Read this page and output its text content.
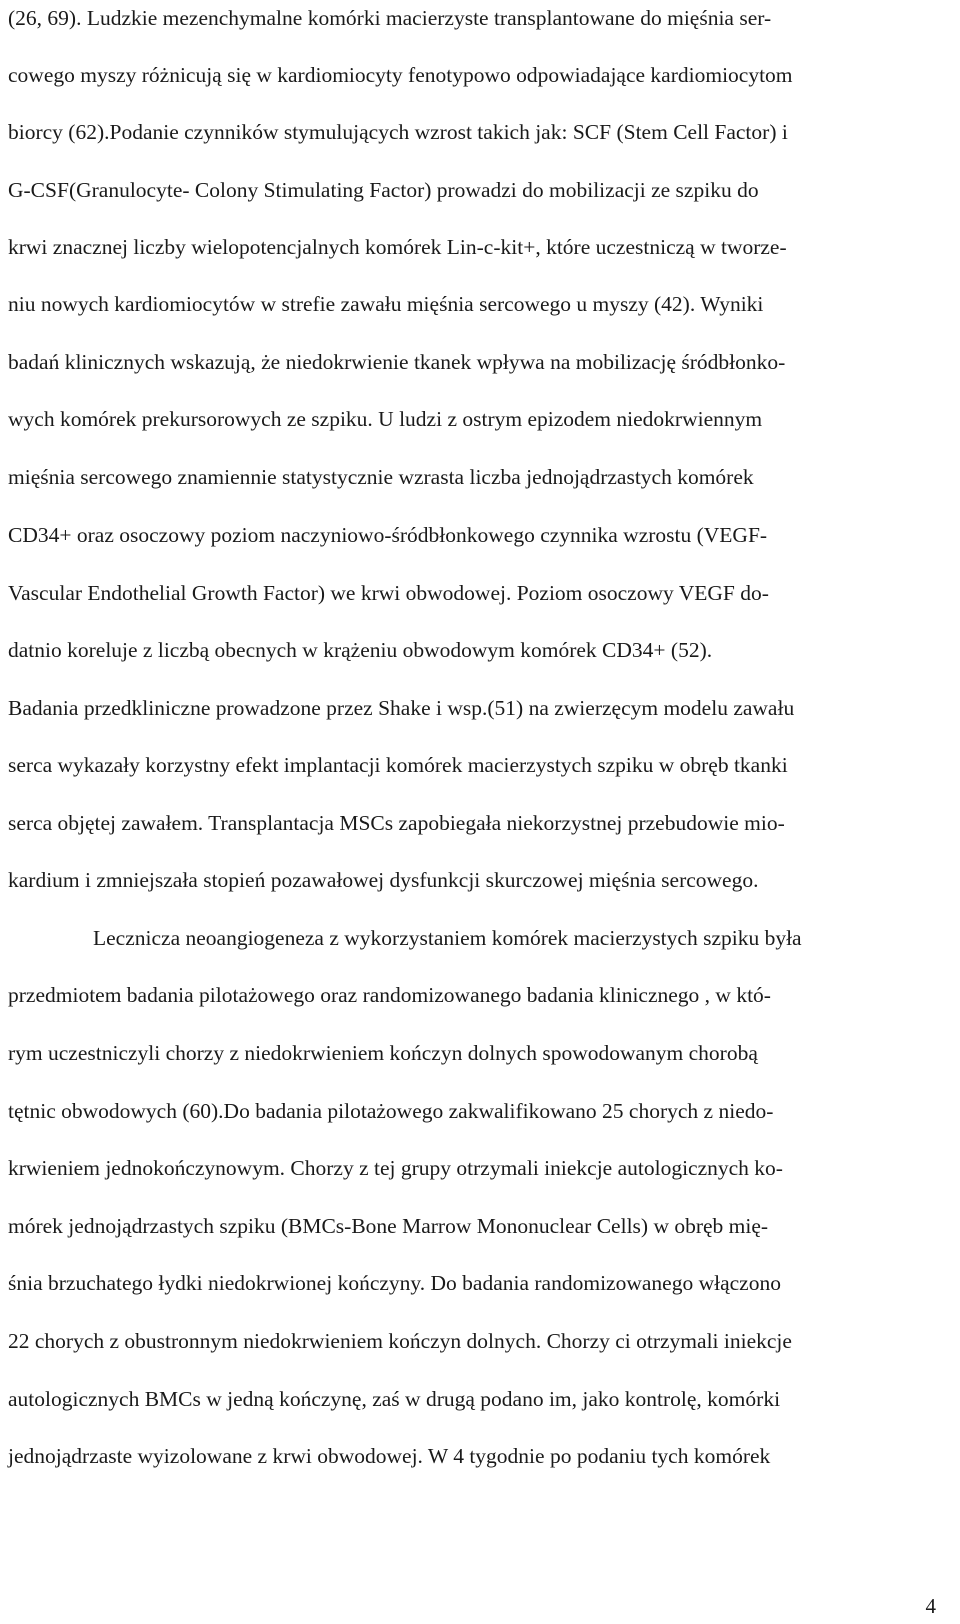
(26, 69). Ludzkie mezenchymalne komórki macierzyste transplantowane do mięśnia ser-
cowego myszy różnicują się w kardiomiocyty fenotypowo odpowiadające kardiomiocytom
biorcy (62).Podanie czynników stymulujących wzrost takich jak: SCF (Stem Cell Factor) i
G-CSF(Granulocyte- Colony Stimulating Factor) prowadzi do mobilizacji ze szpiku do
krwi znacznej liczby wielopotencjalnych komórek Lin-c-kit+, które uczestniczą w tworze-
niu nowych kardiomiocytów w strefie zawału mięśnia sercowego u myszy (42). Wyniki
badań klinicznych wskazują, że niedokrwienie tkanek wpływa na mobilizację śródbłonko-
wych komórek prekursorowych ze szpiku. U ludzi z ostrym epizodem niedokrwiennym
mięśnia sercowego znamiennie statystycznie wzrasta liczba jednojądrzastych komórek
CD34+ oraz osoczowy poziom naczyniowo-śródbłonkowego czynnika wzrostu (VEGF-
Vascular Endothelial Growth Factor) we krwi obwodowej. Poziom osoczowy VEGF do-
datnio koreluje z liczbą obecnych w krążeniu obwodowym komórek CD34+ (52).
Badania przedkliniczne prowadzone przez Shake i wsp.(51) na zwierzęcym modelu zawału
serca wykazały korzystny efekt implantacji komórek macierzystych szpiku w obręb tkanki
serca objętej zawałem. Transplantacja MSCs zapobiegała niekorzystnej przebudowie mio-
kardium i zmniejszała stopień pozawałowej dysfunkcji skurczowej mięśnia sercowego.
Lecznicza neoangiogeneza z wykorzystaniem komórek macierzystych szpiku była
przedmiotem badania pilotażowego oraz randomizowanego badania klinicznego , w któ-
rym uczestniczyli chorzy z niedokrwieniem kończyn dolnych spowodowanym chorobą
tętnic obwodowych (60).Do badania pilotażowego zakwalifikowano 25 chorych z niedo-
krwieniem jednokończynowym. Chorzy z tej grupy otrzymali iniekcje autologicznych ko-
mórek jednojądrzastych szpiku (BMCs-Bone Marrow Mononuclear Cells) w obręb mię-
śnia brzuchatego łydki niedokrwionej kończyny. Do badania randomizowanego włączono
22 chorych z obustronnym niedokrwieniem kończyn dolnych. Chorzy ci otrzymali iniekcje
autologicznych BMCs w jedną kończynę, zaś w drugą podano im, jako kontrolę, komórki
jednojądrzaste wyizolowane z krwi obwodowej. W 4 tygodnie po podaniu tych komórek
4
